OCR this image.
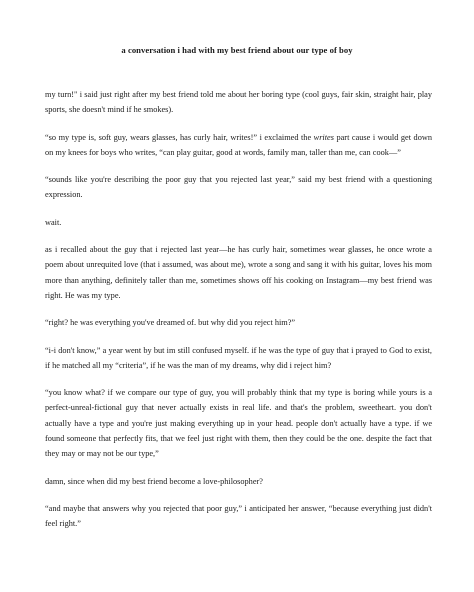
a conversation i had with my best friend about our type of boy

my turn!" i said just right after my best friend told me about her boring type (cool guys, fair skin, straight hair, play sports, she doesn't mind if he smokes).

“so my type is, soft guy, wears glasses, has curly hair, writes!” i exclaimed the writes part cause i would get down on my knees for boys who writes, “can play guitar, good at words, family man, taller than me, can cook—”

“sounds like you're describing the poor guy that you rejected last year,” said my best friend with a questioning expression.

wait.

as i recalled about the guy that i rejected last year—he has curly hair, sometimes wear glasses, he once wrote a poem about unrequited love (that i assumed, was about me), wrote a song and sang it with his guitar, loves his mom more than anything, definitely taller than me, sometimes shows off his cooking on Instagram—my best friend was right. He was my type.

“right? he was everything you've dreamed of. but why did you reject him?”

“i-i don't know,” a year went by but im still confused myself. if he was the type of guy that i prayed to God to exist, if he matched all my “criteria”, if he was the man of my dreams, why did i reject him?

“you know what? if we compare our type of guy, you will probably think that my type is boring while yours is a perfect-unreal-fictional guy that never actually exists in real life. and that's the problem, sweetheart. you don't actually have a type and you're just making everything up in your head. people don't actually have a type. if we found someone that perfectly fits, that we feel just right with them, then they could be the one. despite the fact that they may or may not be our type,”

damn, since when did my best friend become a love-philosopher?

“and maybe that answers why you rejected that poor guy,” i anticipated her answer, “because everything just didn't feel right.”
